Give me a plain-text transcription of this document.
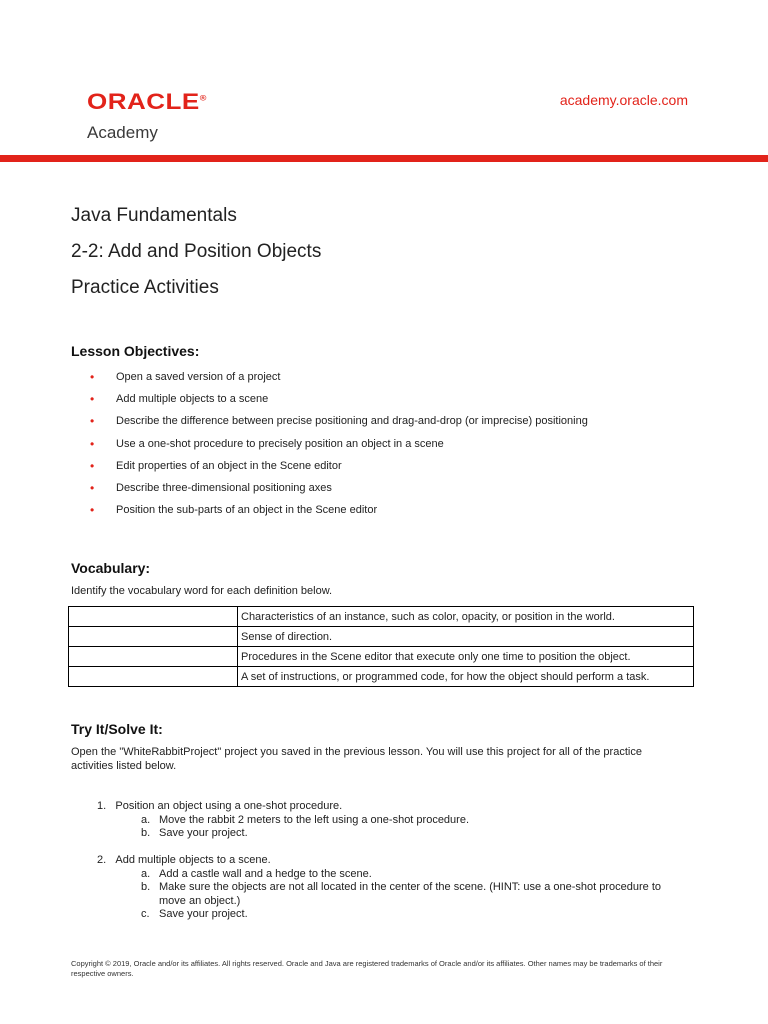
ORACLE®
Academy
academy.oracle.com
Java Fundamentals
2-2: Add and Position Objects
Practice Activities
Lesson Objectives:
• Open a saved version of a project
• Add multiple objects to a scene
• Describe the difference between precise positioning and drag-and-drop (or imprecise) positioning
• Use a one-shot procedure to precisely position an object in a scene
• Edit properties of an object in the Scene editor
• Describe three-dimensional positioning axes
• Position the sub-parts of an object in the Scene editor
Vocabulary:
Identify the vocabulary word for each definition below.
	Characteristics of an instance, such as color, opacity, or position in the world.
	Sense of direction.
	Procedures in the Scene editor that execute only one time to position the object.
	A set of instructions, or programmed code, for how the object should perform a task.
Try It/Solve It:
Open the "WhiteRabbitProject" project you saved in the previous lesson. You will use this project for all of the practice activities listed below.
1. Position an object using a one-shot procedure.
a. Move the rabbit 2 meters to the left using a one-shot procedure.
b. Save your project.
2. Add multiple objects to a scene.
a. Add a castle wall and a hedge to the scene.
b. Make sure the objects are not all located in the center of the scene. (HINT: use a one-shot procedure to move an object.)
c. Save your project.
Copyright © 2019, Oracle and/or its affiliates. All rights reserved. Oracle and Java are registered trademarks of Oracle and/or its affiliates. Other names may be trademarks of their respective owners.
